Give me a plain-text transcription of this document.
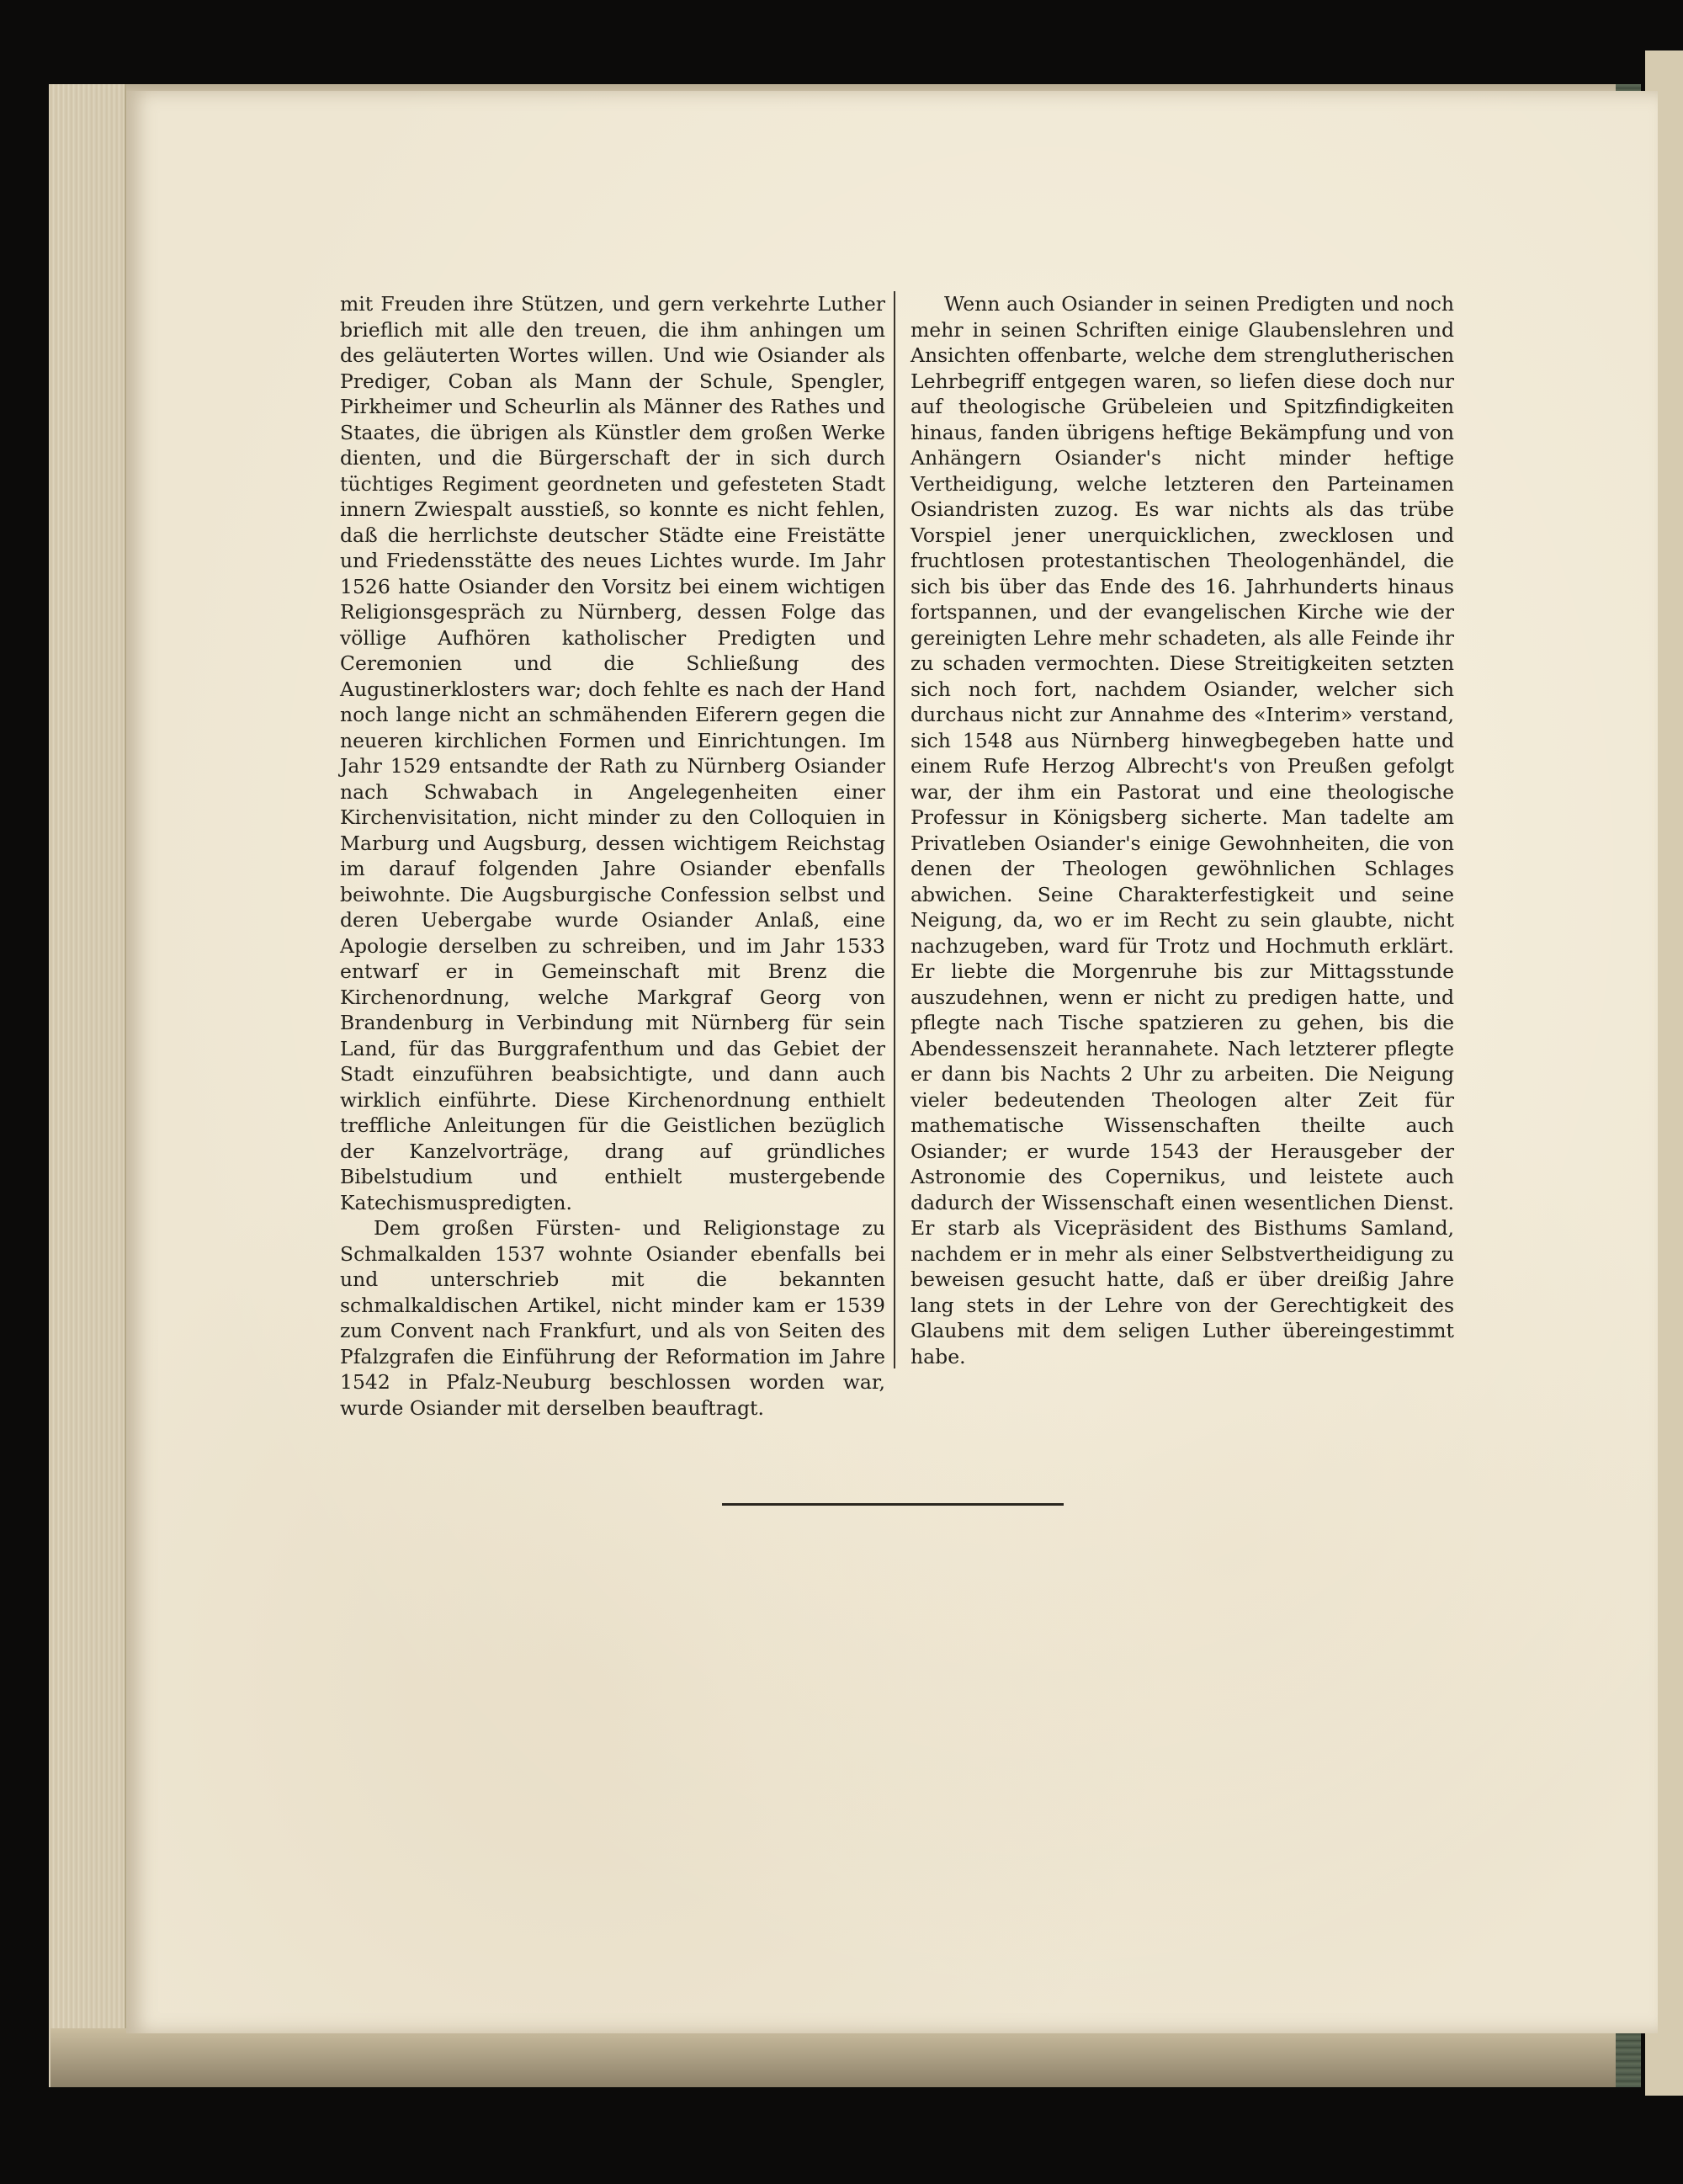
mit Freuden ihre Stützen, und gern verkehrte Luther brieflich mit alle den treuen, die ihm anhingen um des geläuterten Wortes willen. Und wie Osiander als Prediger, Coban als Mann der Schule, Spengler, Pirkheimer und Scheurlin als Männer des Rathes und Staates, die übrigen als Künstler dem großen Werke dienten, und die Bürgerschaft der in sich durch tüchtiges Regiment geordneten und gefesteten Stadt innern Zwiespalt ausstieß, so konnte es nicht fehlen, daß die herrlichste deutscher Städte eine Freistätte und Friedensstätte des neues Lichtes wurde. Im Jahr 1526 hatte Osiander den Vorsitz bei einem wichtigen Religionsgespräch zu Nürnberg, dessen Folge das völlige Aufhören katholischer Predigten und Ceremonien und die Schließung des Augustinerklosters war; doch fehlte es nach der Hand noch lange nicht an schmähenden Eiferern gegen die neueren kirchlichen Formen und Einrichtungen. Im Jahr 1529 entsandte der Rath zu Nürnberg Osiander nach Schwabach in Angelegenheiten einer Kirchenvisitation, nicht minder zu den Colloquien in Marburg und Augsburg, dessen wichtigem Reichstag im darauf folgenden Jahre Osiander ebenfalls beiwohnte. Die Augsburgische Confession selbst und deren Uebergabe wurde Osiander Anlaß, eine Apologie derselben zu schreiben, und im Jahr 1533 entwarf er in Gemeinschaft mit Brenz die Kirchenordnung, welche Markgraf Georg von Brandenburg in Verbindung mit Nürnberg für sein Land, für das Burggrafenthum und das Gebiet der Stadt einzuführen beabsichtigte, und dann auch wirklich einführte. Diese Kirchenordnung enthielt treffliche Anleitungen für die Geistlichen bezüglich der Kanzelvorträge, drang auf gründliches Bibelstudium und enthielt mustergebende Katechismuspredigten.

Dem großen Fürsten- und Religionstage zu Schmalkalden 1537 wohnte Osiander ebenfalls bei und unterschrieb mit die bekannten schmalkaldischen Artikel, nicht minder kam er 1539 zum Convent nach Frankfurt, und als von Seiten des Pfalzgrafen die Einführung der Reformation im Jahre 1542 in Pfalz-Neuburg beschlossen worden war, wurde Osiander mit derselben beauftragt.

Wenn auch Osiander in seinen Predigten und noch mehr in seinen Schriften einige Glaubenslehren und Ansichten offenbarte, welche dem strenglutherischen Lehrbegriff entgegen waren, so liefen diese doch nur auf theologische Grübeleien und Spitzfindigkeiten hinaus, fanden übrigens heftige Bekämpfung und von Anhängern Osiander's nicht minder heftige Vertheidigung, welche letzteren den Parteinamen Osiandristen zuzog. Es war nichts als das trübe Vorspiel jener unerquicklichen, zwecklosen und fruchtlosen protestantischen Theologenhändel, die sich bis über das Ende des 16. Jahrhunderts hinaus fortspannen, und der evangelischen Kirche wie der gereinigten Lehre mehr schadeten, als alle Feinde ihr zu schaden vermochten. Diese Streitigkeiten setzten sich noch fort, nachdem Osiander, welcher sich durchaus nicht zur Annahme des «Interim» verstand, sich 1548 aus Nürnberg hinwegbegeben hatte und einem Rufe Herzog Albrecht's von Preußen gefolgt war, der ihm ein Pastorat und eine theologische Professur in Königsberg sicherte. Man tadelte am Privatleben Osiander's einige Gewohnheiten, die von denen der Theologen gewöhnlichen Schlages abwichen. Seine Charakterfestigkeit und seine Neigung, da, wo er im Recht zu sein glaubte, nicht nachzugeben, ward für Trotz und Hochmuth erklärt. Er liebte die Morgenruhe bis zur Mittagsstunde auszudehnen, wenn er nicht zu predigen hatte, und pflegte nach Tische spatzieren zu gehen, bis die Abendessenszeit herannahete. Nach letzterer pflegte er dann bis Nachts 2 Uhr zu arbeiten. Die Neigung vieler bedeutenden Theologen alter Zeit für mathematische Wissenschaften theilte auch Osiander; er wurde 1543 der Herausgeber der Astronomie des Copernikus, und leistete auch dadurch der Wissenschaft einen wesentlichen Dienst. Er starb als Vicepräsident des Bisthums Samland, nachdem er in mehr als einer Selbstvertheidigung zu beweisen gesucht hatte, daß er über dreißig Jahre lang stets in der Lehre von der Gerechtigkeit des Glaubens mit dem seligen Luther übereingestimmt habe.
